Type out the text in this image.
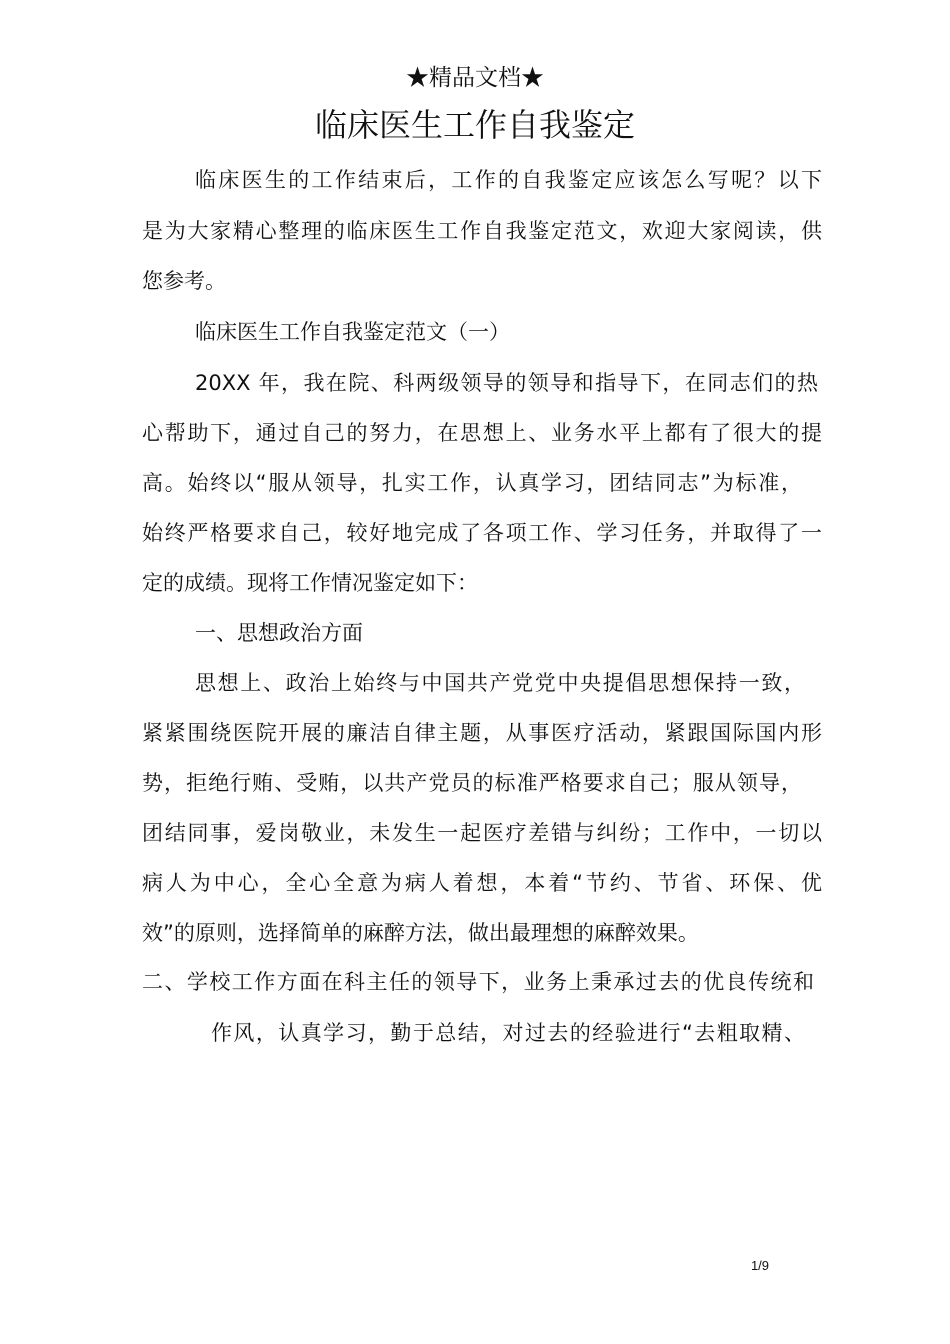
★精品文档★
临床医生工作自我鉴定
临床医生的工作结束后，工作的自我鉴定应该怎么写呢？以下
是为大家精心整理的临床医生工作自我鉴定范文，欢迎大家阅读，供
您参考。
临床医生工作自我鉴定范文（一）
20XX 年，我在院、科两级领导的领导和指导下，在同志们的热
心帮助下，通过自己的努力，在思想上、业务水平上都有了很大的提
高。始终以“服从领导，扎实工作，认真学习，团结同志”为标准，
始终严格要求自己，较好地完成了各项工作、学习任务，并取得了一
定的成绩。现将工作情况鉴定如下：
一、思想政治方面
思想上、政治上始终与中国共产党党中央提倡思想保持一致，
紧紧围绕医院开展的廉洁自律主题，从事医疗活动，紧跟国际国内形
势，拒绝行贿、受贿，以共产党员的标准严格要求自己；服从领导，
团结同事，爱岗敬业，未发生一起医疗差错与纠纷；工作中，一切以
病人为中心，全心全意为病人着想，本着“节约、节省、环保、优
效”的原则，选择简单的麻醉方法，做出最理想的麻醉效果。
二、学校工作方面在科主任的领导下，业务上秉承过去的优良传统和
作风，认真学习，勤于总结，对过去的经验进行“去粗取精、
1/9
